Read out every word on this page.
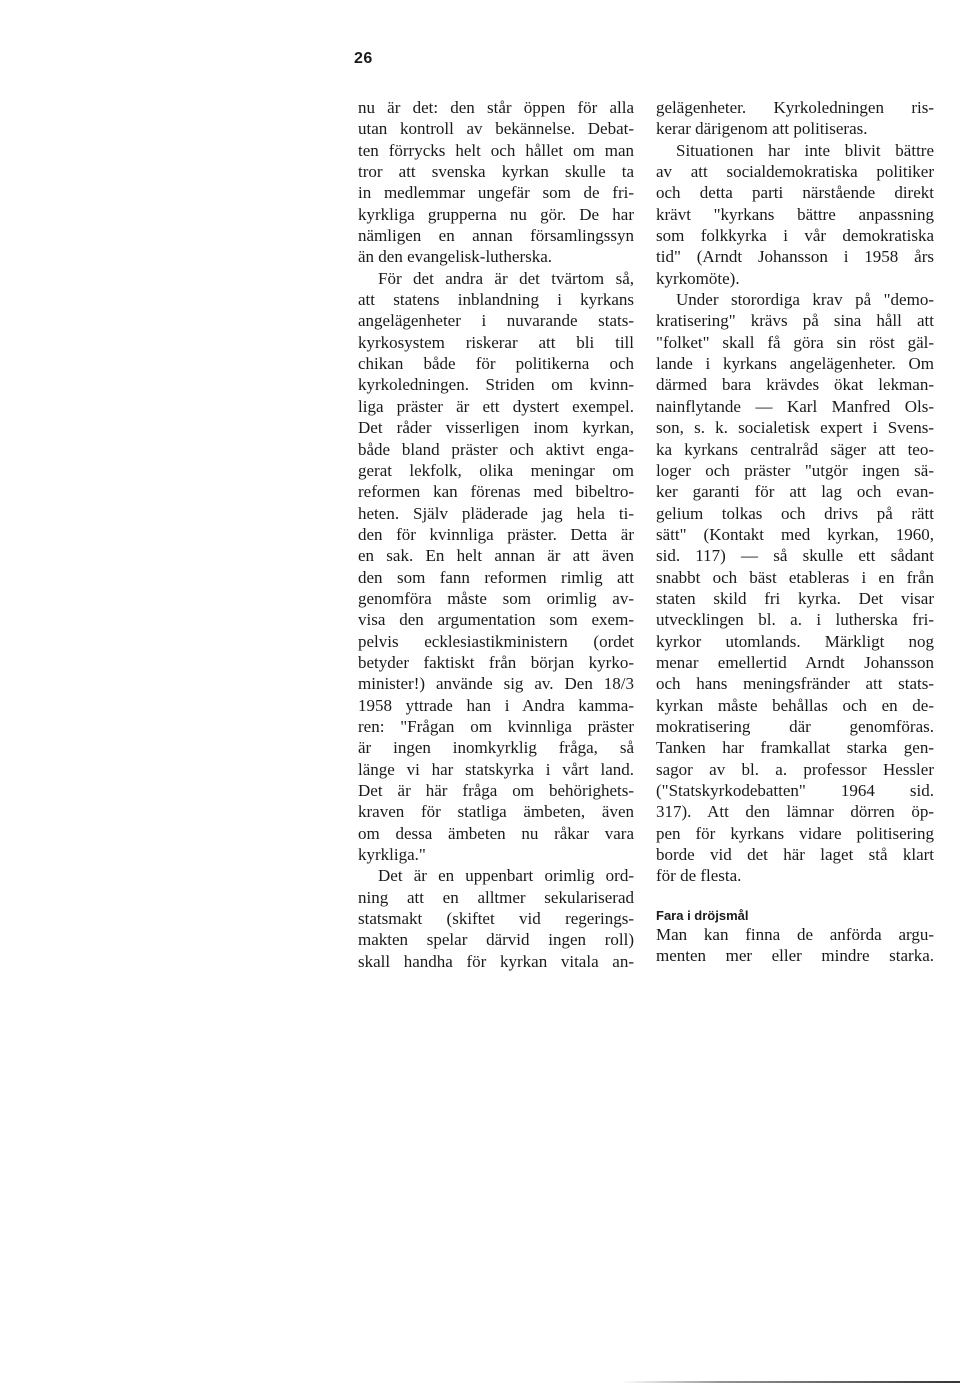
26
nu är det: den står öppen för alla
utan kontroll av bekännelse. Debat-
ten förrycks helt och hållet om man
tror att svenska kyrkan skulle ta
in medlemmar ungefär som de fri-
kyrkliga grupperna nu gör. De har
nämligen en annan församlingssyn
än den evangelisk-lutherska.
För det andra är det tvärtom så,
att statens inblandning i kyrkans
angelägenheter i nuvarande stats-
kyrkosystem riskerar att bli till
chikan både för politikerna och
kyrkoledningen. Striden om kvinn-
liga präster är ett dystert exempel.
Det råder visserligen inom kyrkan,
både bland präster och aktivt enga-
gerat lekfolk, olika meningar om
reformen kan förenas med bibeltro-
heten. Själv pläderade jag hela ti-
den för kvinnliga präster. Detta är
en sak. En helt annan är att även
den som fann reformen rimlig att
genomföra måste som orimlig av-
visa den argumentation som exem-
pelvis ecklesiastikministern (ordet
betyder faktiskt från början kyrko-
minister!) använde sig av. Den 18/3
1958 yttrade han i Andra kamma-
ren: "Frågan om kvinnliga präster
är ingen inomkyrklig fråga, så
länge vi har statskyrka i vårt land.
Det är här fråga om behörighets-
kraven för statliga ämbeten, även
om dessa ämbeten nu råkar vara
kyrkliga."
Det är en uppenbart orimlig ord-
ning att en alltmer sekulariserad
statsmakt (skiftet vid regerings-
makten spelar därvid ingen roll)
skall handha för kyrkan vitala an-
gelägenheter. Kyrkoledningen ris-
kerar därigenom att politiseras.
Situationen har inte blivit bättre
av att socialdemokratiska politiker
och detta parti närstående direkt
krävt "kyrkans bättre anpassning
som folkkyrka i vår demokratiska
tid" (Arndt Johansson i 1958 års
kyrkomöte).
Under storordiga krav på "demo-
kratisering" krävs på sina håll att
"folket" skall få göra sin röst gäl-
lande i kyrkans angelägenheter. Om
därmed bara krävdes ökat lekman-
nainflytande — Karl Manfred Ols-
son, s. k. socialetisk expert i Svens-
ka kyrkans centralråd säger att teo-
loger och präster "utgör ingen sä-
ker garanti för att lag och evan-
gelium tolkas och drivs på rätt
sätt" (Kontakt med kyrkan, 1960,
sid. 117) — så skulle ett sådant
snabbt och bäst etableras i en från
staten skild fri kyrka. Det visar
utvecklingen bl. a. i lutherska fri-
kyrkor utomlands. Märkligt nog
menar emellertid Arndt Johansson
och hans meningsfränder att stats-
kyrkan måste behållas och en de-
mokratisering där genomföras.
Tanken har framkallat starka gen-
sagor av bl. a. professor Hessler
("Statskyrkodebatten" 1964 sid.
317). Att den lämnar dörren öp-
pen för kyrkans vidare politisering
borde vid det här laget stå klart
för de flesta.
Fara i dröjsmål
Man kan finna de anförda argu-
menten mer eller mindre starka.
